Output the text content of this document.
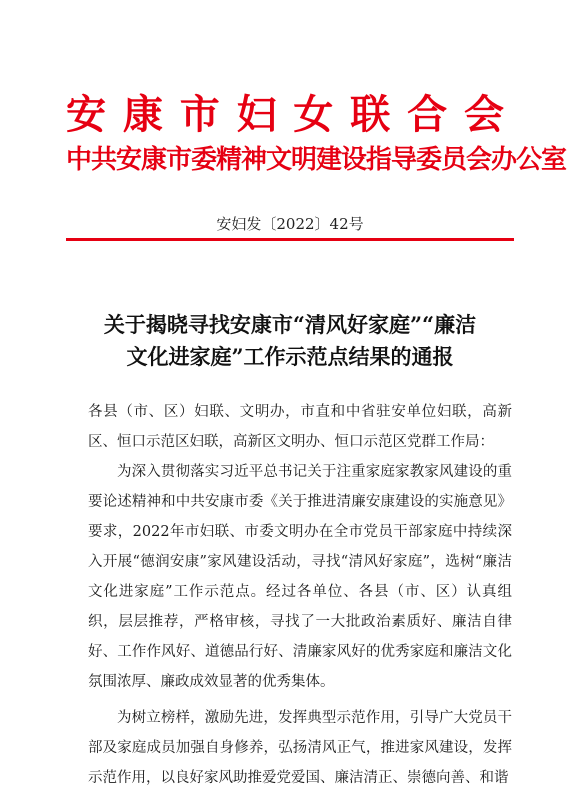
安康市妇女联合会
中共安康市委精神文明建设指导委员会办公室
安妇发〔2022〕42号
关于揭晓寻找安康市“清风好家庭”“廉洁
文化进家庭”工作示范点结果的通报

各县（市、区）妇联、文明办，市直和中省驻安单位妇联，高新区、恒口示范区妇联，高新区文明办、恒口示范区党群工作局：

为深入贯彻落实习近平总书记关于注重家庭家教家风建设的重要论述精神和中共安康市委《关于推进清廉安康建设的实施意见》要求，2022年市妇联、市委文明办在全市党员干部家庭中持续深入开展“德润安康”家风建设活动，寻找“清风好家庭”，选树“廉洁文化进家庭”工作示范点。经过各单位、各县（市、区）认真组织，层层推荐，严格审核，寻找了一大批政治素质好、廉洁自律好、工作作风好、道德品行好、清廉家风好的优秀家庭和廉洁文化氛围浓厚、廉政成效显著的优秀集体。

为树立榜样，激励先进，发挥典型示范作用，引导广大党员干部及家庭成员加强自身修养，弘扬清风正气，推进家风建设，发挥示范作用，以良好家风助推爱党爱国、廉洁清正、崇德向善、和谐
